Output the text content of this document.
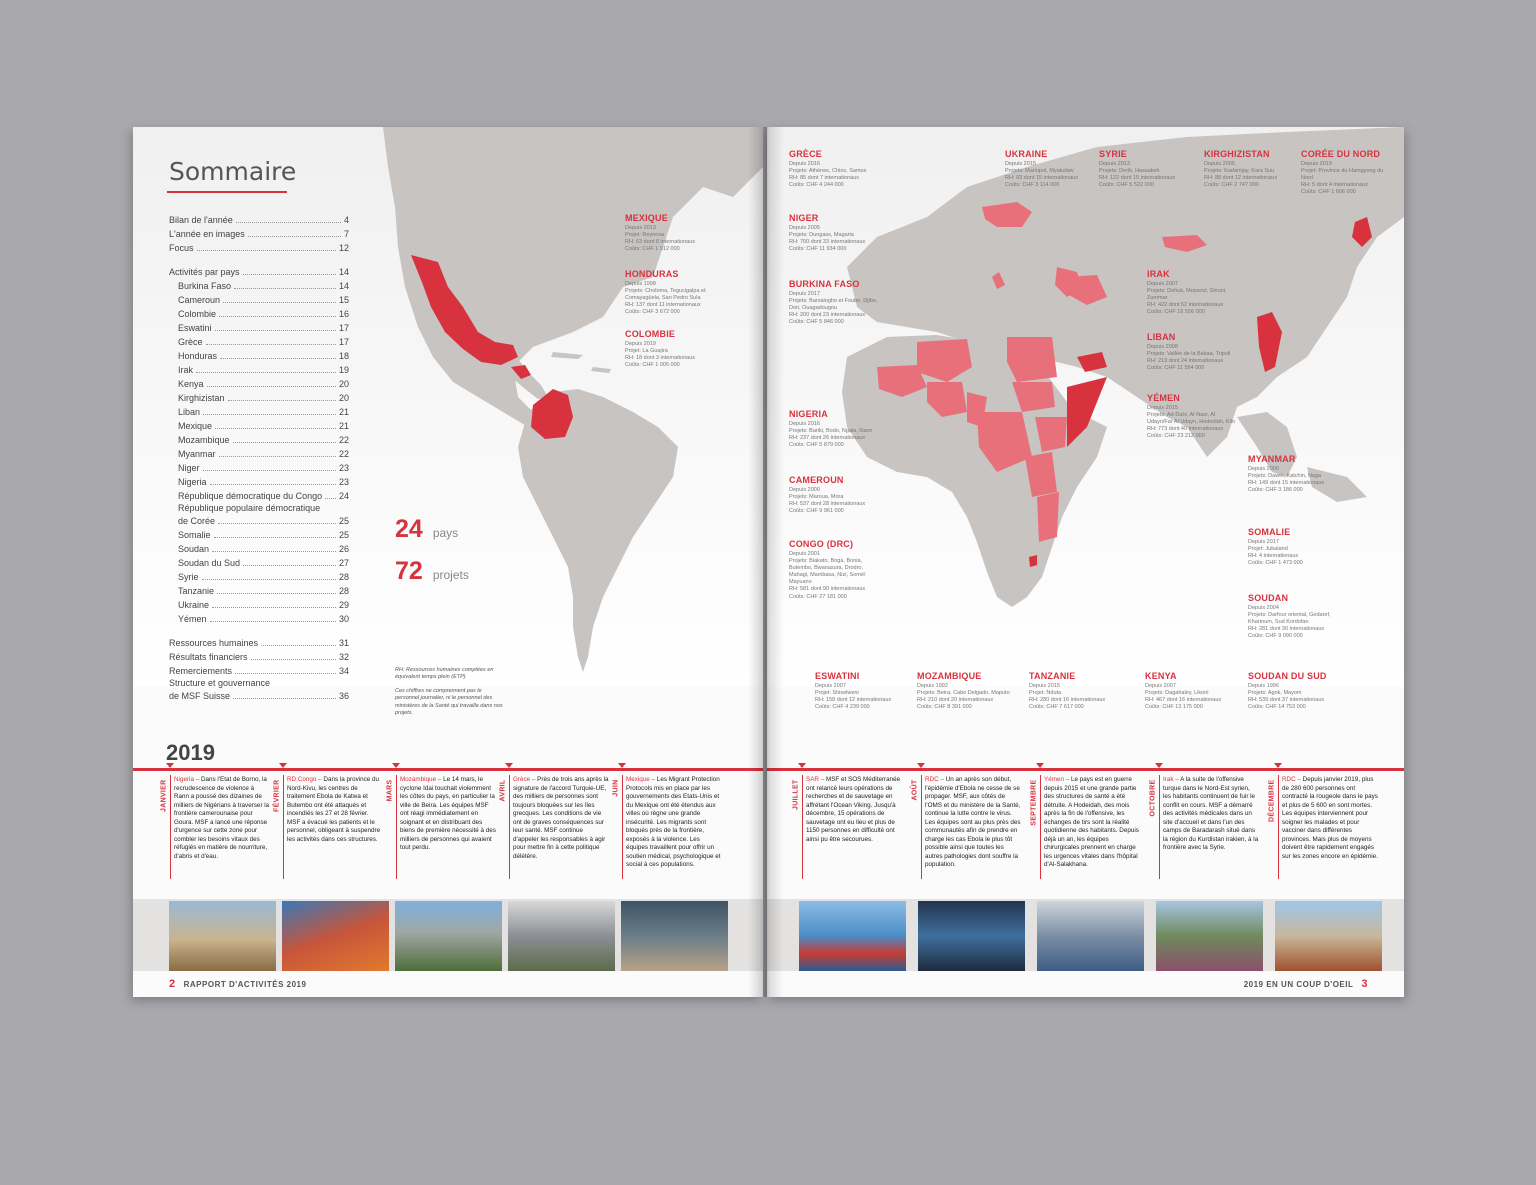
Sommaire
Bilan de l'année	4
L'année en images	7
Focus	12
Activités par pays	14
Burkina Faso	14
Cameroun	15
Colombie	16
Eswatini	17
Grèce	17
Honduras	18
Irak	19
Kenya	20
Kirghizistan	20
Liban	21
Mexique	21
Mozambique	22
Myanmar	22
Niger	23
Nigeria	23
République démocratique du Congo 24
République populaire démocratique
de Corée	25
Somalie	25
Soudan	26
Soudan du Sud	27
Syrie	28
Tanzanie	28
Ukraine	29
Yémen	30
Ressources humaines	31
Résultats financiers	32
Remerciements	34
Structure et gouvernance
de MSF Suisse	36
24 pays
72 projets
RH: Ressources humaines comptées en équivalent temps plein (ETP)
Ces chiffres ne comprennent pas le personnel journalier, ni le personnel des ministères de la Santé qui travaille dans nos projets.
MEXIQUE
Depuis 2013
Projet: Reynosa
RH: 63 dont 8 internationaux
Coûts: CHF 1 912 000
HONDURAS
Depuis 1998
Projets: Choloma, Tegucigalpa et Comayagüela, San Pedro Sula
RH: 137 dont 11 internationaux
Coûts: CHF 3 672 000
COLOMBIE
Depuis 2019
Projet: La Guajira
RH: 18 dont 3 internationaux
Coûts: CHF 1 005 000
2019
JANVIER Nigeria – Dans l'Etat de Borno, la recrudescence de violence à Rann a poussé des dizaines de milliers de Nigérians à traverser la frontière camerounaise pour Goura. MSF a lancé une réponse d'urgence sur cette zone pour combler les besoins vitaux des réfugiés en matière de nourriture, d'abris et d'eau.
FÉVRIER RD Congo – Dans la province du Nord-Kivu, les centres de traitement Ebola de Katwa et Butembo ont été attaqués et incendiés les 27 et 28 février. MSF a évacué les patients et le personnel, obligeant à suspendre les activités dans ces structures.
MARS Mozambique – Le 14 mars, le cyclone Idai touchait violemment les côtes du pays, en particulier la ville de Beira. Les équipes MSF ont réagi immédiatement en soignant et en distribuant des biens de première nécessité à des milliers de personnes qui avaient tout perdu.
AVRIL Grèce – Près de trois ans après la signature de l'accord Turquie-UE, des milliers de personnes sont toujours bloquées sur les îles grecques. Les conditions de vie ont de graves conséquences sur leur santé. MSF continue d'appeler les responsables à agir pour mettre fin à cette politique délétère.
JUIN Mexique – Les Migrant Protection Protocols mis en place par les gouvernements des Etats-Unis et du Mexique ont été étendus aux villes où règne une grande insécurité. Les migrants sont bloqués près de la frontière, exposés à la violence. Les équipes travaillent pour offrir un soutien médical, psychologique et social à ces populations.
2 RAPPORT D'ACTIVITÉS 2019
GRÈCE
Depuis 2016
Projets: Athènes, Chios, Samos
RH: 85 dont 7 internationaux
Coûts: CHF 4 244 000
UKRAINE
Depuis 2015
Projets: Mariupol, Myakolaiv
RH: 93 dont 15 internationaux
Coûts: CHF 3 114 000
SYRIE
Depuis 2013
Projets: Derik, Hassakeh
RH: 122 dont 15 internationaux
Coûts: CHF 5 522 000
KIRGHIZISTAN
Depuis 2005
Projets: Kadamjay, Kara Suu
RH: 88 dont 12 internationaux
Coûts: CHF 2 747 000
CORÉE DU NORD
Depuis 2019
Projet: Province du Hamgyong du Nord
RH: 5 dont 4 internationaux
Coûts: CHF 1 606 000
NIGER
Depuis 2005
Projets: Dungass, Magaria
RH: 700 dont 33 internationaux
Coûts: CHF 11 934 000
BURKINA FASO
Depuis 2017
Projets: Barsalogho et Foubé, Djibo, Dori, Ouagadougou
RH: 200 dont 23 internationaux
Coûts: CHF 5 846 000
IRAK
Depuis 2007
Projets: Dohuk, Mossoul, Sinuni, Zummar
RH: 422 dont 52 internationaux
Coûts: CHF 16 556 000
LIBAN
Depuis 2008
Projets: Vallée de la Bekaa, Tripoli
RH: 213 dont 24 internationaux
Coûts: CHF 11 554 000
YÉMEN
Depuis 2015
Projets: Ad-Dahi, Al-Nasr, Al Udayn/Far Al Udayn, Hodeidah, Kilo
RH: 773 dont 40 internationaux
Coûts: CHF 23 212 000
NIGERIA
Depuis 2016
Projets: Bariki, Bodo, Ngala, Rann
RH: 237 dont 26 internationaux
Coûts: CHF 5 879 000
MYANMAR
Depuis 2000
Projets: Dawei, Katchin, Naga
RH: 149 dont 15 internationaux
Coûts: CHF 3 186 000
CAMEROUN
Depuis 2000
Projets: Maroua, Mora
RH: 537 dont 28 internationaux
Coûts: CHF 9 961 000
SOMALIE
Depuis 2017
Projet: Jubaland
RH: 4 internationaux
Coûts: CHF 1 473 000
CONGO (DRC)
Depuis 2001
Projets: Biakato, Boga, Bonia, Butembo, Bwanasura, Drodro, Mahagi, Mambasa, Nizi, Somé/ Mayuano
RH: 581 dont 90 internationaux
Coûts: CHF 27 181 000	SOUDAN
Depuis 2004
Projets: Darfour oriental, Gedaref, Khartoum, Sud Kordofan
RH: 281 dont 30 internationaux
Coûts: CHF 9 090 000
ESWATINI
Depuis 2007
Projet: Shiselweni
RH: 158 dont 12 internationaux
Coûts: CHF 4 239 000
MOZAMBIQUE
Depuis 1992
Projets: Beira, Cabo Delgado, Maputo
RH: 210 dont 20 internationaux
Coûts: CHF 8 391 000
TANZANIE
Depuis 2015
Projet: Nduta
RH: 280 dont 16 internationaux
Coûts: CHF 7 617 000
KENYA
Depuis 2007
Projets: Dagahaley, Likoni
RH: 467 dont 16 internationaux
Coûts: CHF 13 175 000
SOUDAN DU SUD
Depuis 1996
Projets: Agok, Mayom
RH: 539 dont 37 internationaux
Coûts: CHF 14 753 000
JUILLET SAR – MSF et SOS Méditerranée ont relancé leurs opérations de recherches et de sauvetage en affrétant l'Ocean Viking. Jusqu'à décembre, 15 opérations de sauvetage ont eu lieu et plus de 1150 personnes en difficulté ont ainsi pu être secourues.
AOÛT RDC – Un an après son début, l'épidémie d'Ebola ne cesse de se propager. MSF, aux côtés de l'OMS et du ministère de la Santé, continue la lutte contre le virus. Les équipes sont au plus près des communautés afin de prendre en charge les cas Ebola le plus tôt possible ainsi que toutes les autres pathologies dont souffre la population.
SEPTEMBRE Yémen – Le pays est en guerre depuis 2015 et une grande partie des structures de santé a été détruite. A Hodeidah, des mois après la fin de l'offensive, les échanges de tirs sont la réalité quotidienne des habitants. Depuis déjà un an, les équipes chirurgicales prennent en charge les urgences vitales dans l'hôpital d'Al-Salakhana.
OCTOBRE Irak – A la suite de l'offensive turque dans le Nord-Est syrien, les habitants continuent de fuir le conflit en cours. MSF a démarré des activités médicales dans un site d'accueil et dans l'un des camps de Baradarash situé dans la région du Kurdistan irakien, à la frontière avec la Syrie.
DÉCEMBRE RDC – Depuis janvier 2019, plus de 280 600 personnes ont contracté la rougeole dans le pays et plus de 5 600 en sont mortes. Les équipes interviennent pour soigner les malades et pour vacciner dans différentes provinces. Mais plus de moyens doivent être rapidement engagés sur les zones encore en épidémie.
2019 EN UN COUP D'OEIL 3
